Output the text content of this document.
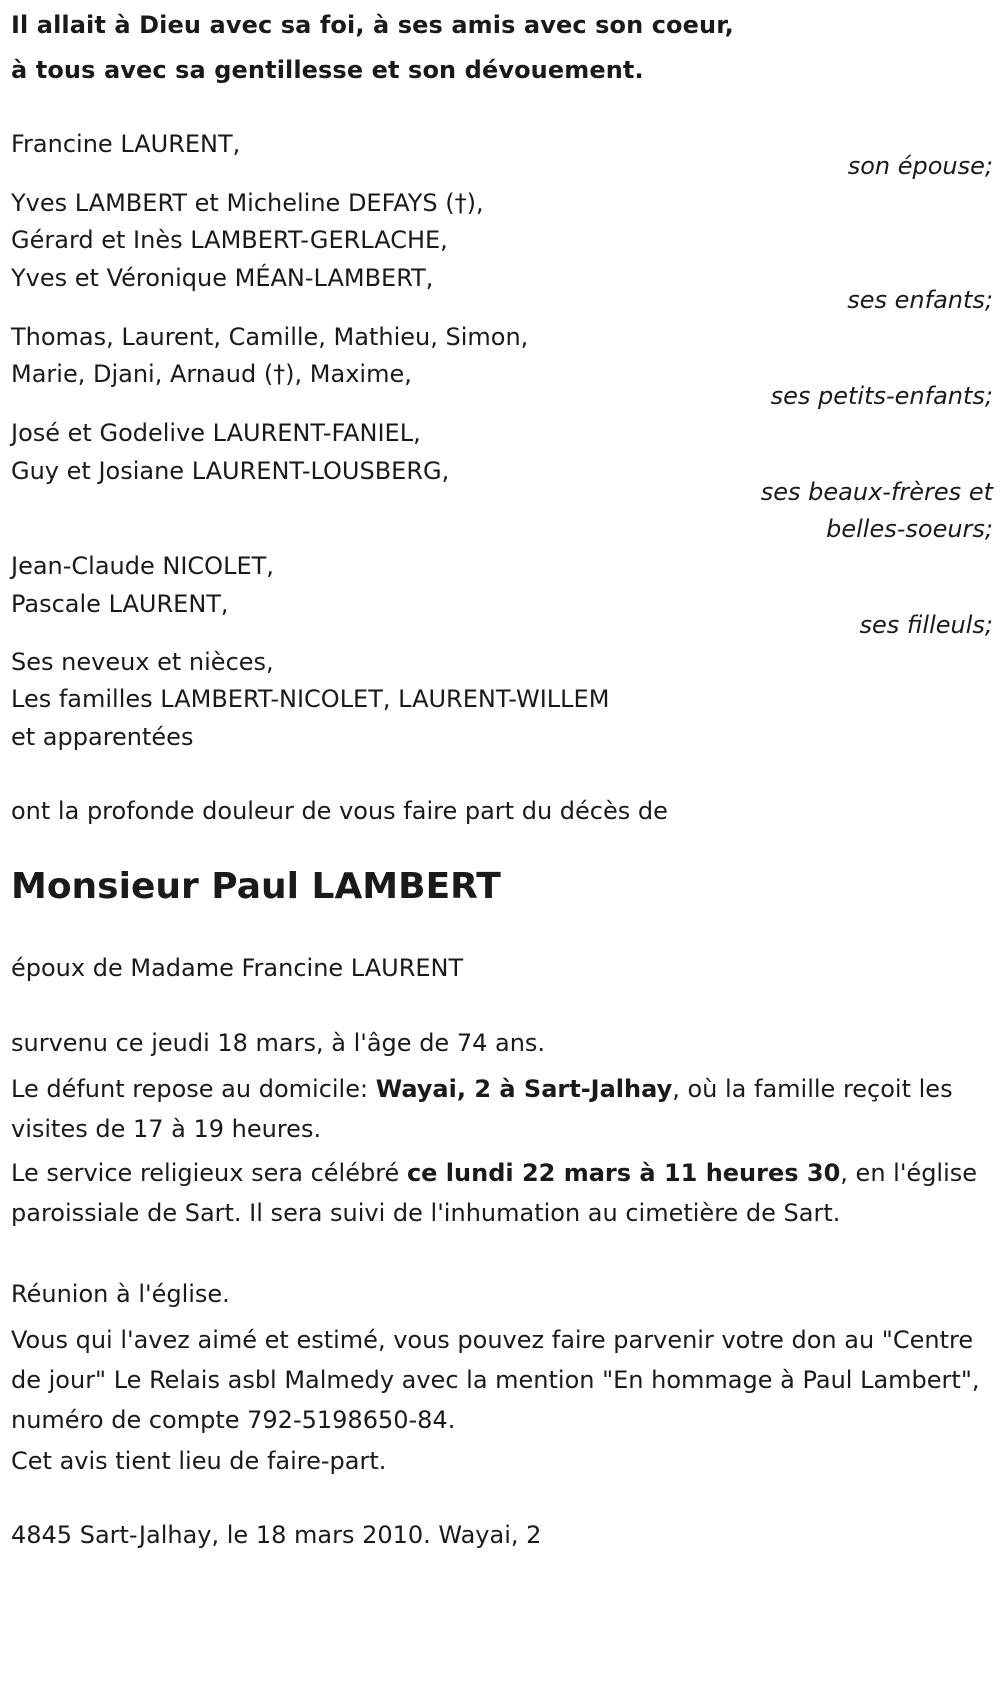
Il allait à Dieu avec sa foi, à ses amis avec son coeur,
à tous avec sa gentillesse et son dévouement.
Francine LAURENT,
son épouse;
Yves LAMBERT et Micheline DEFAYS (†),
Gérard et Inès LAMBERT-GERLACHE,
Yves et Véronique MÉAN-LAMBERT,
ses enfants;
Thomas, Laurent, Camille, Mathieu, Simon,
Marie, Djani, Arnaud (†), Maxime,
ses petits-enfants;
José et Godelive LAURENT-FANIEL,
Guy et Josiane LAURENT-LOUSBERG,
ses beaux-frères et
belles-soeurs;
Jean-Claude NICOLET,
Pascale LAURENT,
ses filleuls;
Ses neveux et nièces,
Les familles LAMBERT-NICOLET, LAURENT-WILLEM
et apparentées
ont la profonde douleur de vous faire part du décès de
Monsieur Paul LAMBERT
époux de Madame Francine LAURENT
survenu ce jeudi 18 mars, à l'âge de 74 ans.
Le défunt repose au domicile: Wayai, 2 à Sart-Jalhay, où la famille reçoit les visites de 17 à 19 heures.
Le service religieux sera célébré ce lundi 22 mars à 11 heures 30, en l'église paroissiale de Sart. Il sera suivi de l'inhumation au cimetière de Sart.
Réunion à l'église.
Vous qui l'avez aimé et estimé, vous pouvez faire parvenir votre don au "Centre de jour" Le Relais asbl Malmedy avec la mention "En hommage à Paul Lambert", numéro de compte 792-5198650-84.
Cet avis tient lieu de faire-part.
4845 Sart-Jalhay, le 18 mars 2010. Wayai, 2
